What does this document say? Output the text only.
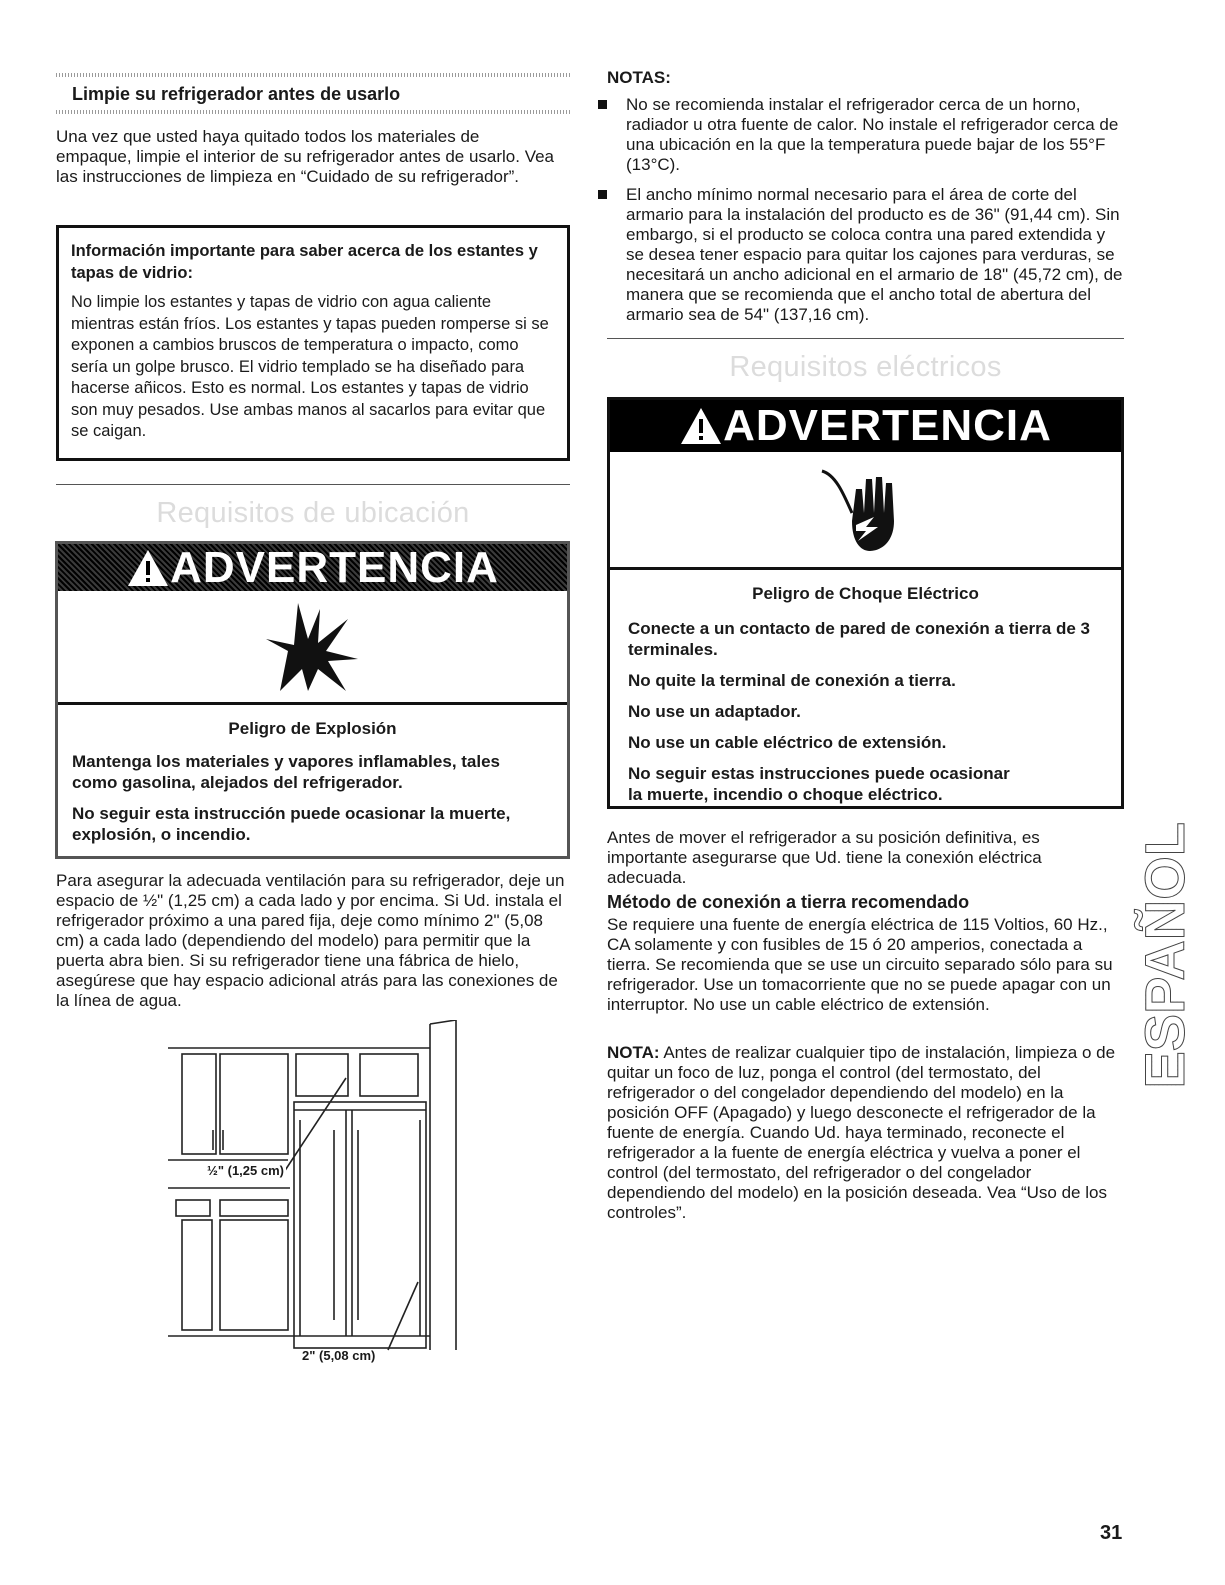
Limpie su refrigerador antes de usarlo

Una vez que usted haya quitado todos los materiales de empaque, limpie el interior de su refrigerador antes de usarlo. Vea las instrucciones de limpieza en “Cuidado de su refrigerador”.

Información importante para saber acerca de los estantes y tapas de vidrio:

No limpie los estantes y tapas de vidrio con agua caliente mientras están fríos. Los estantes y tapas pueden romperse si se exponen a cambios bruscos de temperatura o impacto, como sería un golpe brusco. El vidrio templado se ha diseñado para hacerse añicos. Esto es normal. Los estantes y tapas de vidrio son muy pesados. Use ambas manos al sacarlos para evitar que se caigan.

Requisitos de ubicación
ADVERTENCIA

Peligro de Explosión

Mantenga los materiales y vapores inflamables, tales como gasolina, alejados del refrigerador.

No seguir esta instrucción puede ocasionar la muerte, explosión, o incendio.

Para asegurar la adecuada ventilación para su refrigerador, deje un espacio de ½" (1,25 cm) a cada lado y por encima. Si Ud. instala el refrigerador próximo a una pared fija, deje como mínimo 2" (5,08 cm) a cada lado (dependiendo del modelo) para permitir que la puerta abra bien. Si su refrigerador tiene una fábrica de hielo, asegúrese que hay espacio adicional atrás para las conexiones de la línea de agua.

½" (1,25 cm)
2" (5,08 cm)
NOTAS:
No se recomienda instalar el refrigerador cerca de un horno, radiador u otra fuente de calor. No instale el refrigerador cerca de una ubicación en la que la temperatura puede bajar de los 55°F (13°C).
El ancho mínimo normal necesario para el área de corte del armario para la instalación del producto es de 36" (91,44 cm). Sin embargo, si el producto se coloca contra una pared extendida y se desea tener espacio para quitar los cajones para verduras, se necesitará un ancho adicional en el armario de 18" (45,72 cm), de manera que se recomienda que el ancho total de abertura del armario sea de 54" (137,16 cm).
Requisitos eléctricos
ADVERTENCIA

Peligro de Choque Eléctrico

Conecte a un contacto de pared de conexión a tierra de 3 terminales.

No quite la terminal de conexión a tierra.

No use un adaptador.

No use un cable eléctrico de extensión.

No seguir estas instrucciones puede ocasionar la muerte, incendio o choque eléctrico.

Antes de mover el refrigerador a su posición definitiva, es importante asegurarse que Ud. tiene la conexión eléctrica adecuada.

Método de conexión a tierra recomendado

Se requiere una fuente de energía eléctrica de 115 Voltios, 60 Hz., CA solamente y con fusibles de 15 ó 20 amperios, conectada a tierra. Se recomienda que se use un circuito separado sólo para su refrigerador. Use un tomacorriente que no se puede apagar con un interruptor. No use un cable eléctrico de extensión.

NOTA: Antes de realizar cualquier tipo de instalación, limpieza o de quitar un foco de luz, ponga el control (del termostato, del refrigerador o del congelador dependiendo del modelo) en la posición OFF (Apagado) y luego desconecte el refrigerador de la fuente de energía. Cuando Ud. haya terminado, reconecte el refrigerador a la fuente de energía eléctrica y vuelva a poner el control (del termostato, del refrigerador o del congelador dependiendo del modelo) en la posición deseada. Vea “Uso de los controles”.

ESPAÑOL
31
